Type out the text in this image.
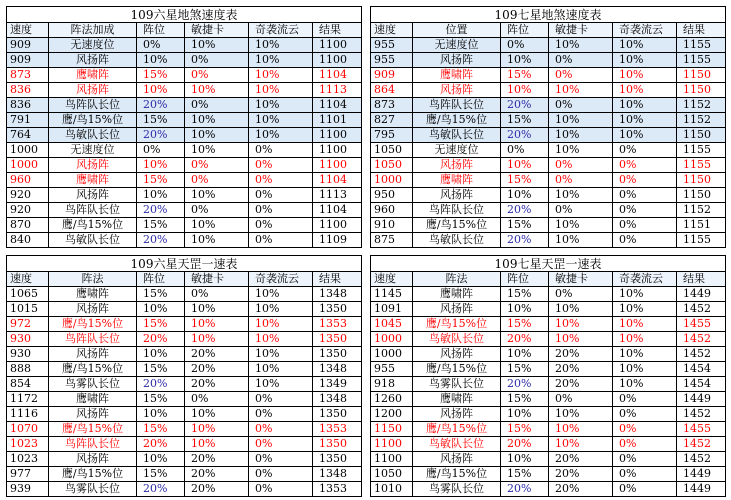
109六星地煞速度表					
速度	阵法加成	阵位	敏捷卡	奇袭流云	结果
909	无速度位	0%	10%	10%	1100
909	风扬阵	10%	0%	10%	1100
873	鹰啸阵	15%	0%	10%	1104
836	风扬阵	10%	10%	10%	1113
836	鸟阵队长位	20%	0%	10%	1104
791	鹰/鸟15%位	15%	10%	10%	1101
764	鸟敏队长位	20%	10%	10%	1100
1000	无速度位	0%	10%	0%	1100
1000	风扬阵	10%	0%	0%	1100
960	鹰啸阵	15%	0%	0%	1104
920	风扬阵	10%	10%	0%	1113
920	鸟阵队长位	20%	0%	0%	1104
870	鹰/鸟15%位	15%	10%	0%	1100
840	鸟敏队长位	20%	10%	0%	1109
109七星地煞速度表					
速度	位置	阵位	敏捷卡	奇袭流云	结果
955	无速度位	0%	10%	10%	1155
955	风扬阵	10%	0%	10%	1155
909	鹰啸阵	15%	0%	10%	1150
864	风扬阵	10%	10%	10%	1150
873	鸟阵队长位	20%	0%	10%	1152
827	鹰/鸟15%位	15%	10%	10%	1152
795	鸟敏队长位	20%	10%	10%	1150
1050	无速度位	0%	10%	0%	1155
1050	风扬阵	10%	0%	0%	1155
1000	鹰啸阵	15%	0%	0%	1150
950	风扬阵	10%	10%	0%	1150
960	鸟阵队长位	20%	0%	0%	1152
910	鹰/鸟15%位	15%	10%	0%	1151
875	鸟敏队长位	20%	10%	0%	1155
109六星天罡一速表					
速度	阵法	阵位	敏捷卡	奇袭流云	结果
1065	鹰啸阵	15%	0%	10%	1348
1015	风扬阵	10%	10%	10%	1350
972	鹰/鸟15%位	15%	10%	10%	1353
930	鸟阵队长位	20%	10%	10%	1350
930	风扬阵	10%	20%	10%	1350
888	鹰/鸟15%位	15%	20%	10%	1348
854	鸟雾队长位	20%	20%	10%	1349
1172	鹰啸阵	15%	0%	0%	1348
1116	风扬阵	10%	10%	0%	1350
1070	鹰/鸟15%位	15%	10%	0%	1353
1023	鸟阵队长位	20%	10%	0%	1350
1023	风扬阵	10%	20%	0%	1350
977	鹰/鸟15%位	15%	20%	0%	1348
939	鸟雾队长位	20%	20%	0%	1353
109七星天罡一速表					
速度	阵法	阵位	敏捷卡	奇袭流云	结果
1145	鹰啸阵	15%	0%	10%	1449
1091	风扬阵	10%	10%	10%	1452
1045	鹰/鸟15%位	15%	10%	10%	1455
1000	鸟敏队长位	20%	10%	10%	1452
1000	风扬阵	10%	20%	10%	1452
955	鹰/鸟15%位	15%	20%	10%	1454
918	鸟雾队长位	20%	20%	10%	1454
1260	鹰啸阵	15%	0%	0%	1449
1200	风扬阵	10%	10%	0%	1452
1150	鹰/鸟15%位	15%	10%	0%	1455
1100	鸟敏队长位	20%	10%	0%	1452
1100	风扬阵	10%	20%	0%	1452
1050	鹰/鸟15%位	15%	20%	0%	1449
1010	鸟雾队长位	20%	20%	0%	1449
